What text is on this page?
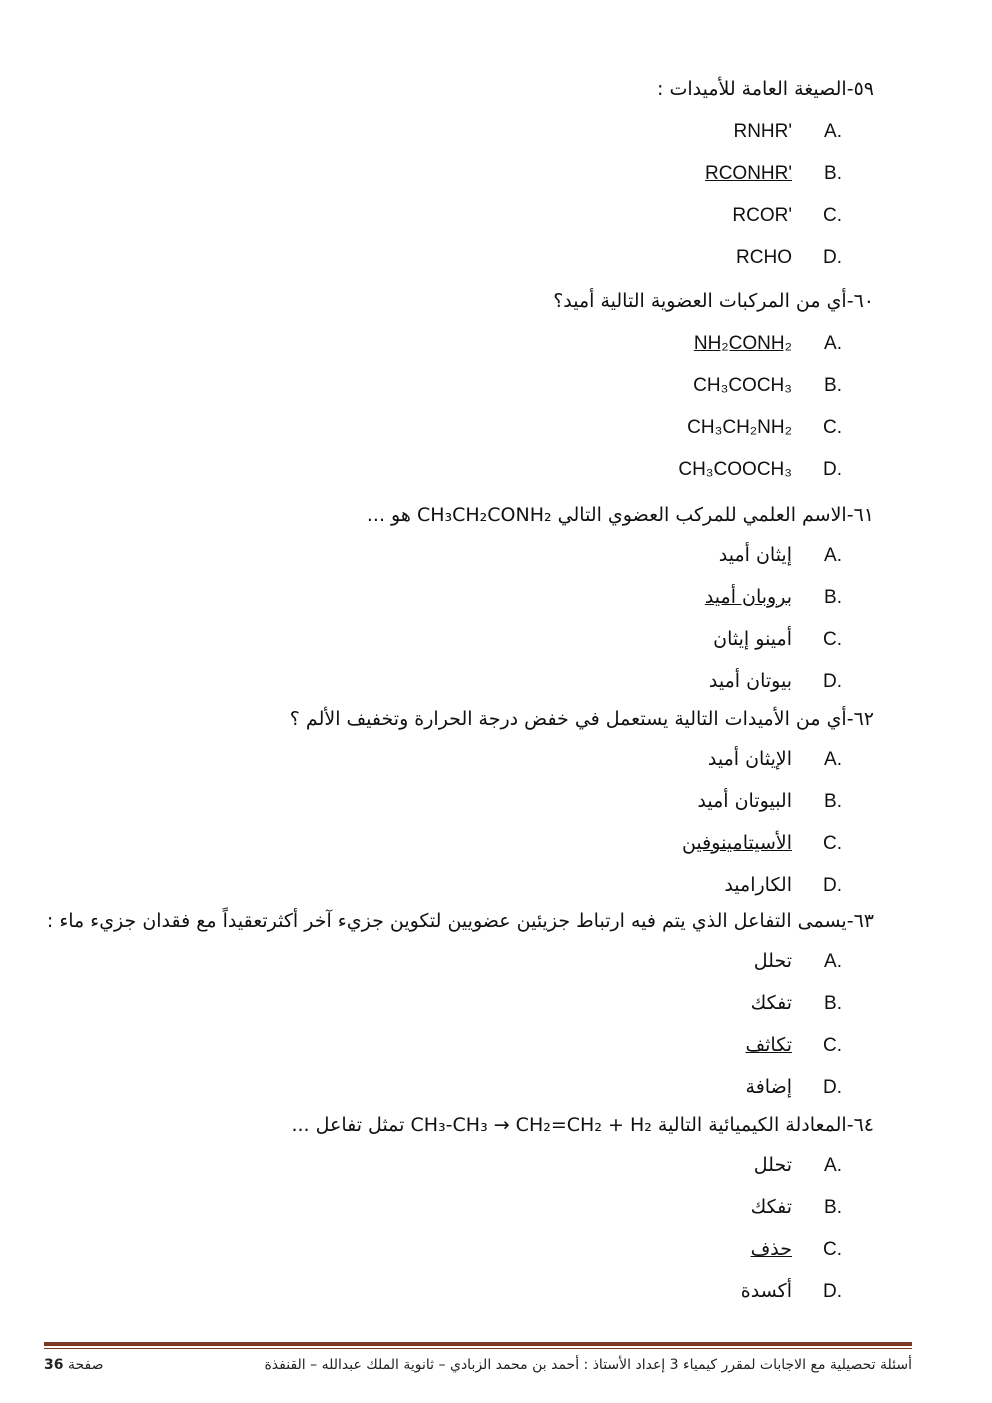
٥٩-الصيغة العامة للأميدات :
A.RNHR'
B.RCONHR'
C.RCOR'
D.RCHO
٦٠-أي من المركبات العضوية التالية أميد؟
A.NH₂CONH₂
B.CH₃COCH₃
C.CH₃CH₂NH₂
D.CH₃COOCH₃
٦١-الاسم العلمي للمركب العضوي التالي CH₃CH₂CONH₂ هو ...
A.إيثان أميد
B.بروبان أميد
C.أمينو إيثان
D.بيوتان أميد
٦٢-أي من الأميدات التالية يستعمل في خفض درجة الحرارة وتخفيف الألم ؟
A.الإيثان أميد
B.البيوتان أميد
C.الأسيتامينوفين
D.الكاراميد
٦٣-يسمى التفاعل الذي يتم فيه ارتباط جزيئين عضويين لتكوين جزيء آخر أكثرتعقيداً مع فقدان جزيء ماء :
A.تحلل
B.تفكك
C.تكاثف
D.إضافة
٦٤-المعادلة الكيميائية التالية CH₃-CH₃ → CH₂=CH₂ + H₂ تمثل تفاعل ...
A.تحلل
B.تفكك
C.حذف
D.أكسدة
أسئلة تحصيلية مع الاجابات لمقرر كيمياء 3 إعداد الأستاذ : أحمد بن محمد الزبادي – ثانوية الملك عبدالله – القنفذة
صفحة 36
